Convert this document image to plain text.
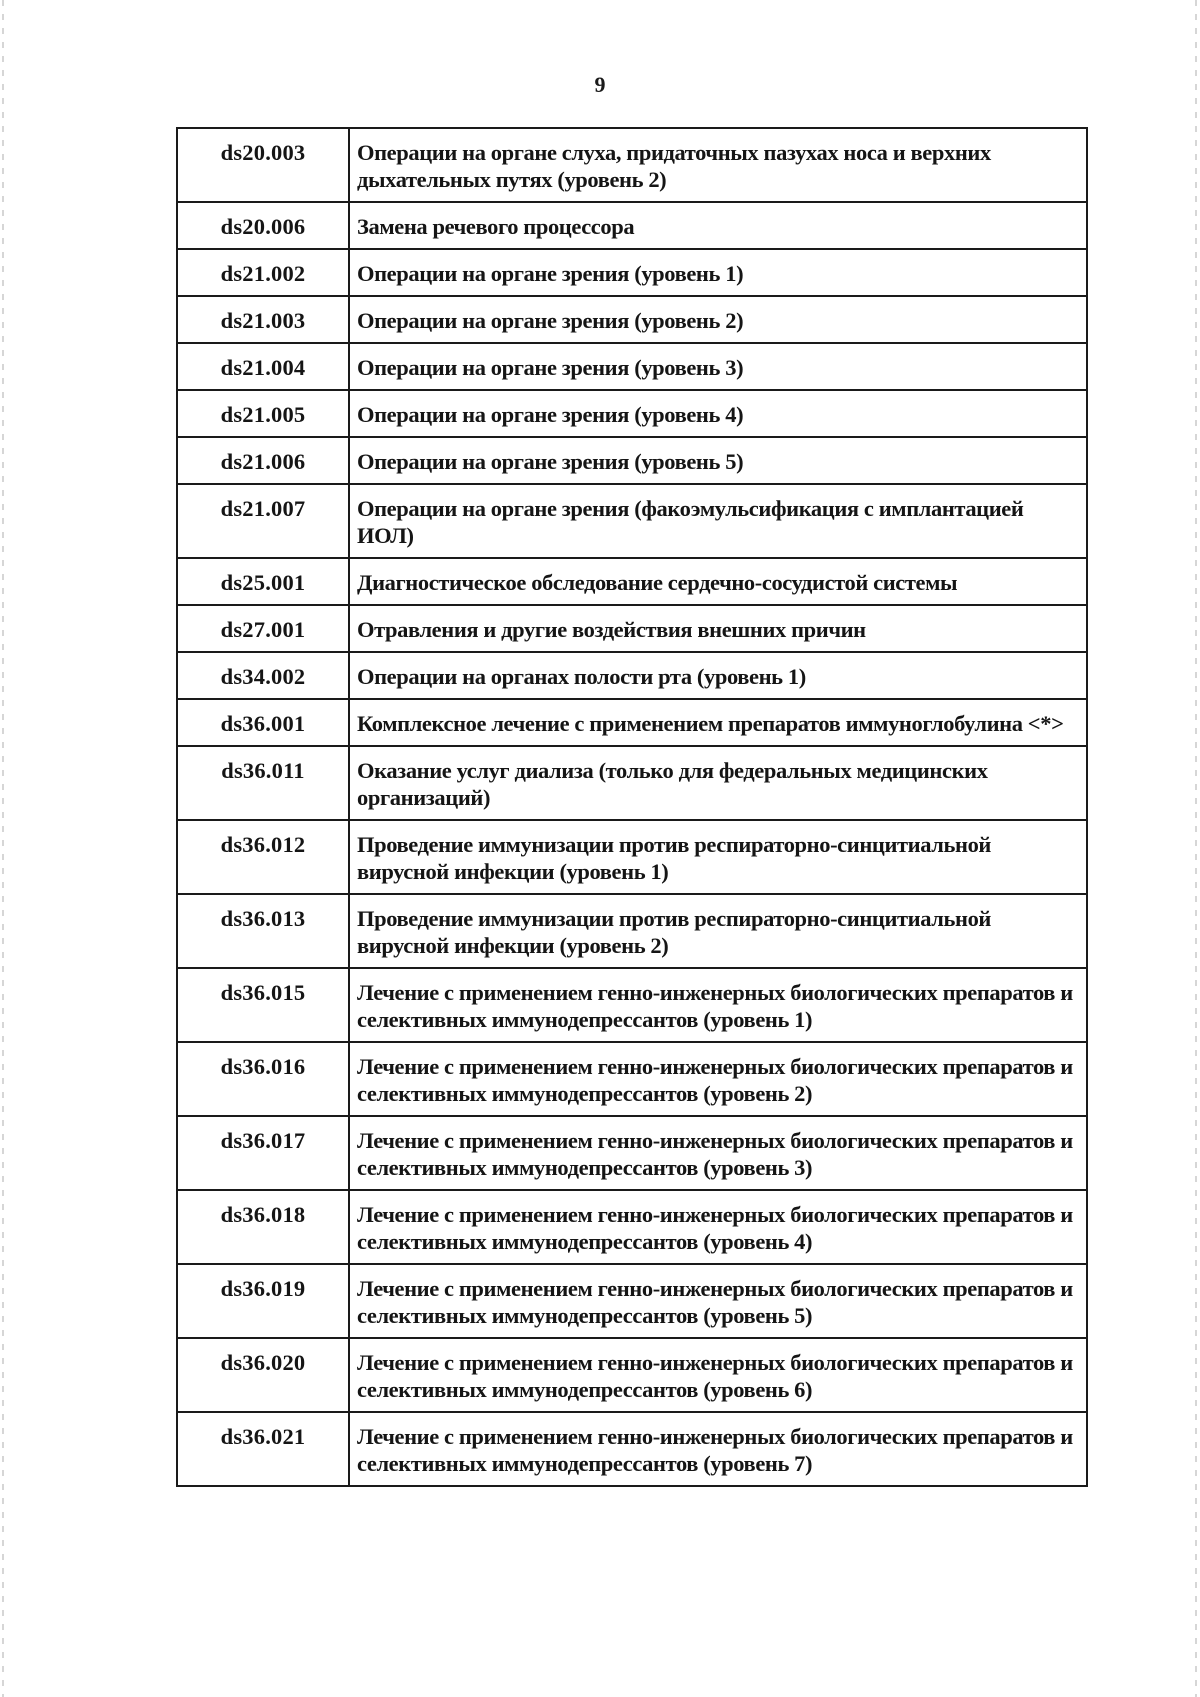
9
ds20.003	Операции на органе слуха, придаточных пазухах носа и верхних дыхательных путях (уровень 2)
ds20.006	Замена речевого процессора
ds21.002	Операции на органе зрения (уровень 1)
ds21.003	Операции на органе зрения (уровень 2)
ds21.004	Операции на органе зрения (уровень 3)
ds21.005	Операции на органе зрения (уровень 4)
ds21.006	Операции на органе зрения (уровень 5)
ds21.007	Операции на органе зрения (факоэмульсификация с имплантацией ИОЛ)
ds25.001	Диагностическое обследование сердечно-сосудистой системы
ds27.001	Отравления и другие воздействия внешних причин
ds34.002	Операции на органах полости рта (уровень 1)
ds36.001	Комплексное лечение с применением препаратов иммуноглобулина <*>
ds36.011	Оказание услуг диализа (только для федеральных медицинских организаций)
ds36.012	Проведение иммунизации против респираторно-синцитиальной вирусной инфекции (уровень 1)
ds36.013	Проведение иммунизации против респираторно-синцитиальной вирусной инфекции (уровень 2)
ds36.015	Лечение с применением генно-инженерных биологических препаратов и селективных иммунодепрессантов (уровень 1)
ds36.016	Лечение с применением генно-инженерных биологических препаратов и селективных иммунодепрессантов (уровень 2)
ds36.017	Лечение с применением генно-инженерных биологических препаратов и селективных иммунодепрессантов (уровень 3)
ds36.018	Лечение с применением генно-инженерных биологических препаратов и селективных иммунодепрессантов (уровень 4)
ds36.019	Лечение с применением генно-инженерных биологических препаратов и селективных иммунодепрессантов (уровень 5)
ds36.020	Лечение с применением генно-инженерных биологических препаратов и селективных иммунодепрессантов (уровень 6)
ds36.021	Лечение с применением генно-инженерных биологических препаратов и селективных иммунодепрессантов (уровень 7)
